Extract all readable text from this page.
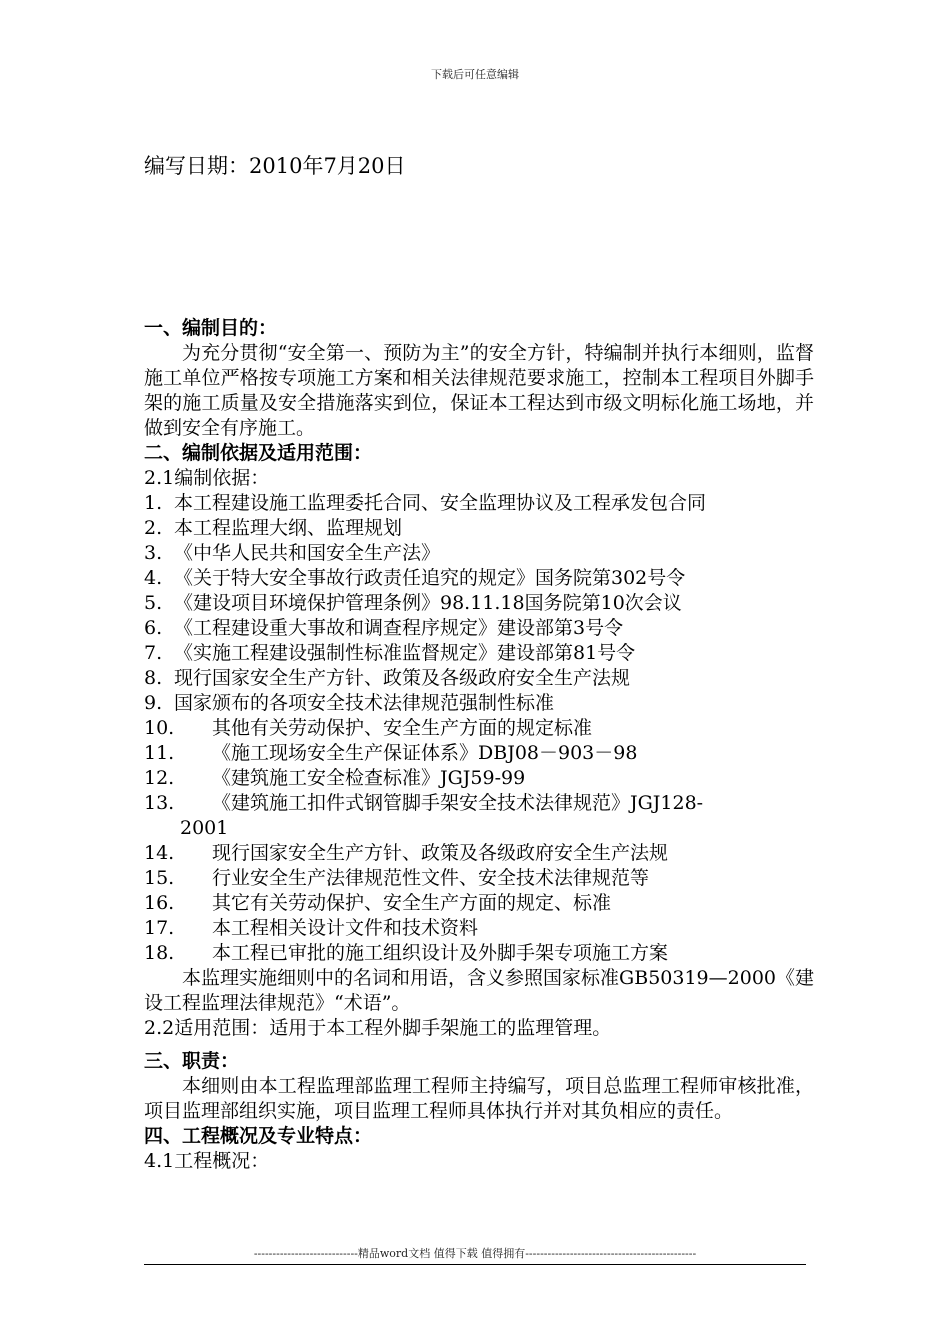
下载后可任意编辑
编写日期：2010年7月20日
一、编制目的：
为充分贯彻“安全第一、预防为主”的安全方针，特编制并执行本细则，监督施工单位严格按专项施工方案和相关法律规范要求施工，控制本工程项目外脚手架的施工质量及安全措施落实到位，保证本工程达到市级文明标化施工场地，并做到安全有序施工。
二、编制依据及适用范围：
2.1编制依据：
1. 本工程建设施工监理委托合同、安全监理协议及工程承发包合同
2. 本工程监理大纲、监理规划
3. 《中华人民共和国安全生产法》
4. 《关于特大安全事故行政责任追究的规定》国务院第302号令
5. 《建设项目环境保护管理条例》98.11.18国务院第10次会议
6. 《工程建设重大事故和调查程序规定》建设部第3号令
7. 《实施工程建设强制性标准监督规定》建设部第81号令
8. 现行国家安全生产方针、政策及各级政府安全生产法规
9. 国家颁布的各项安全技术法律规范强制性标准
10.	其他有关劳动保护、安全生产方面的规定标准
11.	《施工现场安全生产保证体系》DBJ08－903－98
12.	《建筑施工安全检查标准》JGJ59-99
13.	《建筑施工扣件式钢管脚手架安全技术法律规范》JGJ128-
2001
14.	现行国家安全生产方针、政策及各级政府安全生产法规
15.	行业安全生产法律规范性文件、安全技术法律规范等
16.	其它有关劳动保护、安全生产方面的规定、标准
17.	本工程相关设计文件和技术资料
18.	本工程已审批的施工组织设计及外脚手架专项施工方案
本监理实施细则中的名词和用语，含义参照国家标准GB50319—2000《建设工程监理法律规范》“术语”。
2.2适用范围：适用于本工程外脚手架施工的监理管理。
三、职责：
本细则由本工程监理部监理工程师主持编写，项目总监理工程师审核批准，项目监理部组织实施，项目监理工程师具体执行并对其负相应的责任。
四、工程概况及专业特点：
4.1工程概况：
----------------------------精品word文档 值得下载 值得拥有----------------------------------------------
